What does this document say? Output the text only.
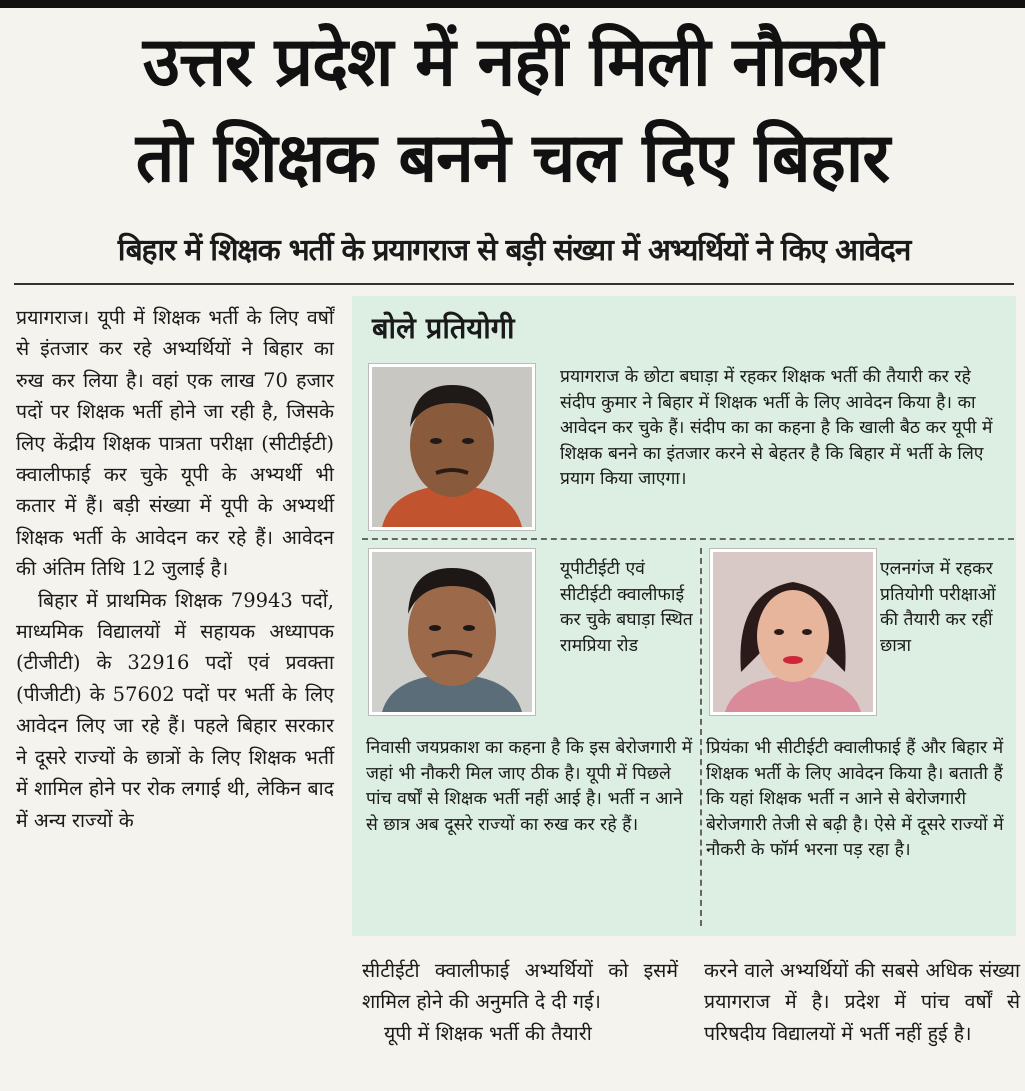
उत्तर प्रदेश में नहीं मिली नौकरी
तो शिक्षक बनने चल दिए बिहार
बिहार में शिक्षक भर्ती के प्रयागराज से बड़ी संख्या में अभ्यर्थियों ने किए आवेदन

प्रयागराज। यूपी में शिक्षक भर्ती के लिए वर्षों से इंतजार कर रहे अभ्यर्थियों ने बिहार का रुख कर लिया है। वहां एक लाख 70 हजार पदों पर शिक्षक भर्ती होने जा रही है, जिसके लिए केंद्रीय शिक्षक पात्रता परीक्षा (सीटीईटी) क्वालीफाई कर चुके यूपी के अभ्यर्थी भी कतार में हैं। बड़ी संख्या में यूपी के अभ्यर्थी शिक्षक भर्ती के आवेदन कर रहे हैं। आवेदन की अंतिम तिथि 12 जुलाई है।

बिहार में प्राथमिक शिक्षक 79943 पदों, माध्यमिक विद्यालयों में सहायक अध्यापक (टीजीटी) के 32916 पदों एवं प्रवक्ता (पीजीटी) के 57602 पदों पर भर्ती के लिए आवेदन लिए जा रहे हैं। पहले बिहार सरकार ने दूसरे राज्यों के छात्रों के लिए शिक्षक भर्ती में शामिल होने पर रोक लगाई थी, लेकिन बाद में अन्य राज्यों के

बोले प्रतियोगी
प्रयागराज के छोटा बघाड़ा में रहकर शिक्षक भर्ती की तैयारी कर रहे संदीप कुमार ने बिहार में शिक्षक भर्ती के लिए आवेदन किया है। का आवेदन कर चुके हैं। संदीप का का कहना है कि खाली बैठ कर यूपी में शिक्षक बनने का इंतजार करने से बेहतर है कि बिहार में भर्ती के लिए प्रयाग किया जाएगा।
यूपीटीईटी एवं सीटीईटी क्वालीफाई कर चुके बघाड़ा स्थित रामप्रिया रोड
निवासी जयप्रकाश का कहना है कि इस बेरोजगारी में जहां भी नौकरी मिल जाए ठीक है। यूपी में पिछले पांच वर्षों से शिक्षक भर्ती नहीं आई है। भर्ती न आने से छात्र अब दूसरे राज्यों का रुख कर रहे हैं।
एलनगंज में रहकर प्रतियोगी परीक्षाओं की तैयारी कर रहीं छात्रा
प्रियंका भी सीटीईटी क्वालीफाई हैं और बिहार में शिक्षक भर्ती के लिए आवेदन किया है। बताती हैं कि यहां शिक्षक भर्ती न आने से बेरोजगारी बेरोजगारी तेजी से बढ़ी है। ऐसे में दूसरे राज्यों में नौकरी के फॉर्म भरना पड़ रहा है।

सीटीईटी क्वालीफाई अभ्यर्थियों को इसमें शामिल होने की अनुमति दे दी गई।

यूपी में शिक्षक भर्ती की तैयारी

करने वाले अभ्यर्थियों की सबसे अधिक संख्या प्रयागराज में है। प्रदेश में पांच वर्षों से परिषदीय विद्यालयों में भर्ती नहीं हुई है।
